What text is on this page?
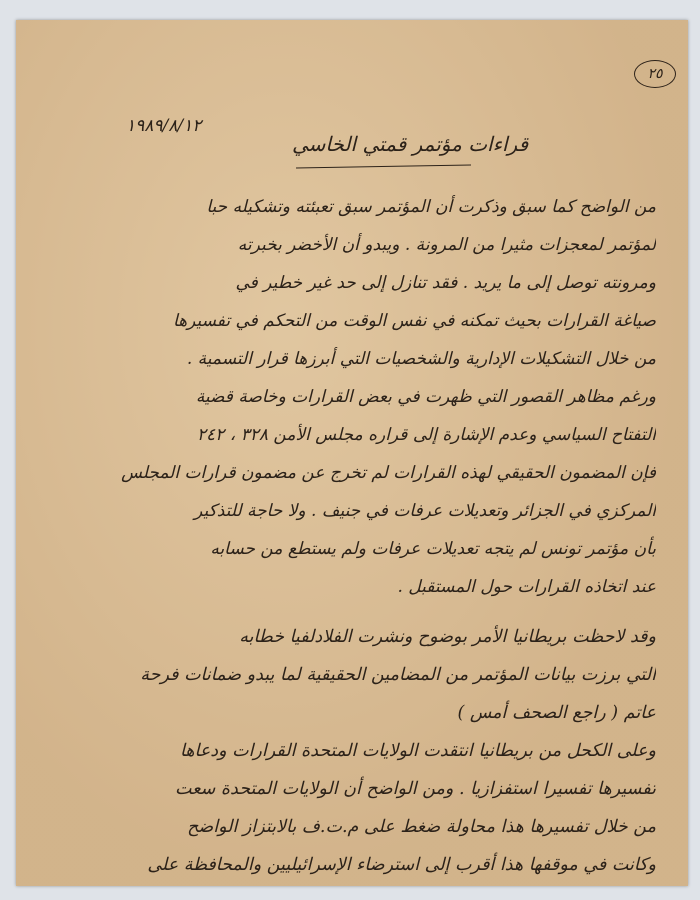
٢٥
١٩٨٩/٨/١٢
قراءات مؤتمر قمتي الخاسي
من الواضح كما سبق وذكرت أن المؤتمر سبق تعبئته وتشكيله حبا
لمؤتمر لمعجزات مثيرا من المرونة . ويبدو أن الأخضر بخبرته
ومرونته توصل إلى ما يريد . فقد تنازل إلى حد غير خطير في
صياغة القرارات بحيث تمكنه في نفس الوقت من التحكم في تفسيرها
من خلال التشكيلات الإدارية والشخصيات التي أبرزها قرار التسمية .
ورغم مظاهر القصور التي ظهرت في بعض القرارات وخاصة قضية
التفتاح السياسي وعدم الإشارة إلى قراره مجلس الأمن ٣٢٨ ، ٢٤٢
فإن المضمون الحقيقي لهذه القرارات لم تخرج عن مضمون قرارات المجلس
المركزي في الجزائر وتعديلات عرفات في جنيف . ولا حاجة للتذكير
بأن مؤتمر تونس لم يتجه تعديلات عرفات ولم يستطع من حسابه
عند اتخاذه القرارات حول المستقبل .
وقد لاحظت بريطانيا الأمر بوضوح ونشرت الفلادلفيا خطابه
التي برزت بيانات المؤتمر من المضامين الحقيقية لما يبدو ضمانات فرحة
عاتم ( راجع الصحف أمس )
وعلى الكحل من بريطانيا انتقدت الولايات المتحدة القرارات ودعاها
تفسيرها تفسيرا استفزازيا . ومن الواضح أن الولايات المتحدة سعت
من خلال تفسيرها هذا محاولة ضغط على م.ت.ف بالابتزاز الواضح
وكانت في موقفها هذا أقرب إلى استرضاء الإسرائيليين والمحافظة على
